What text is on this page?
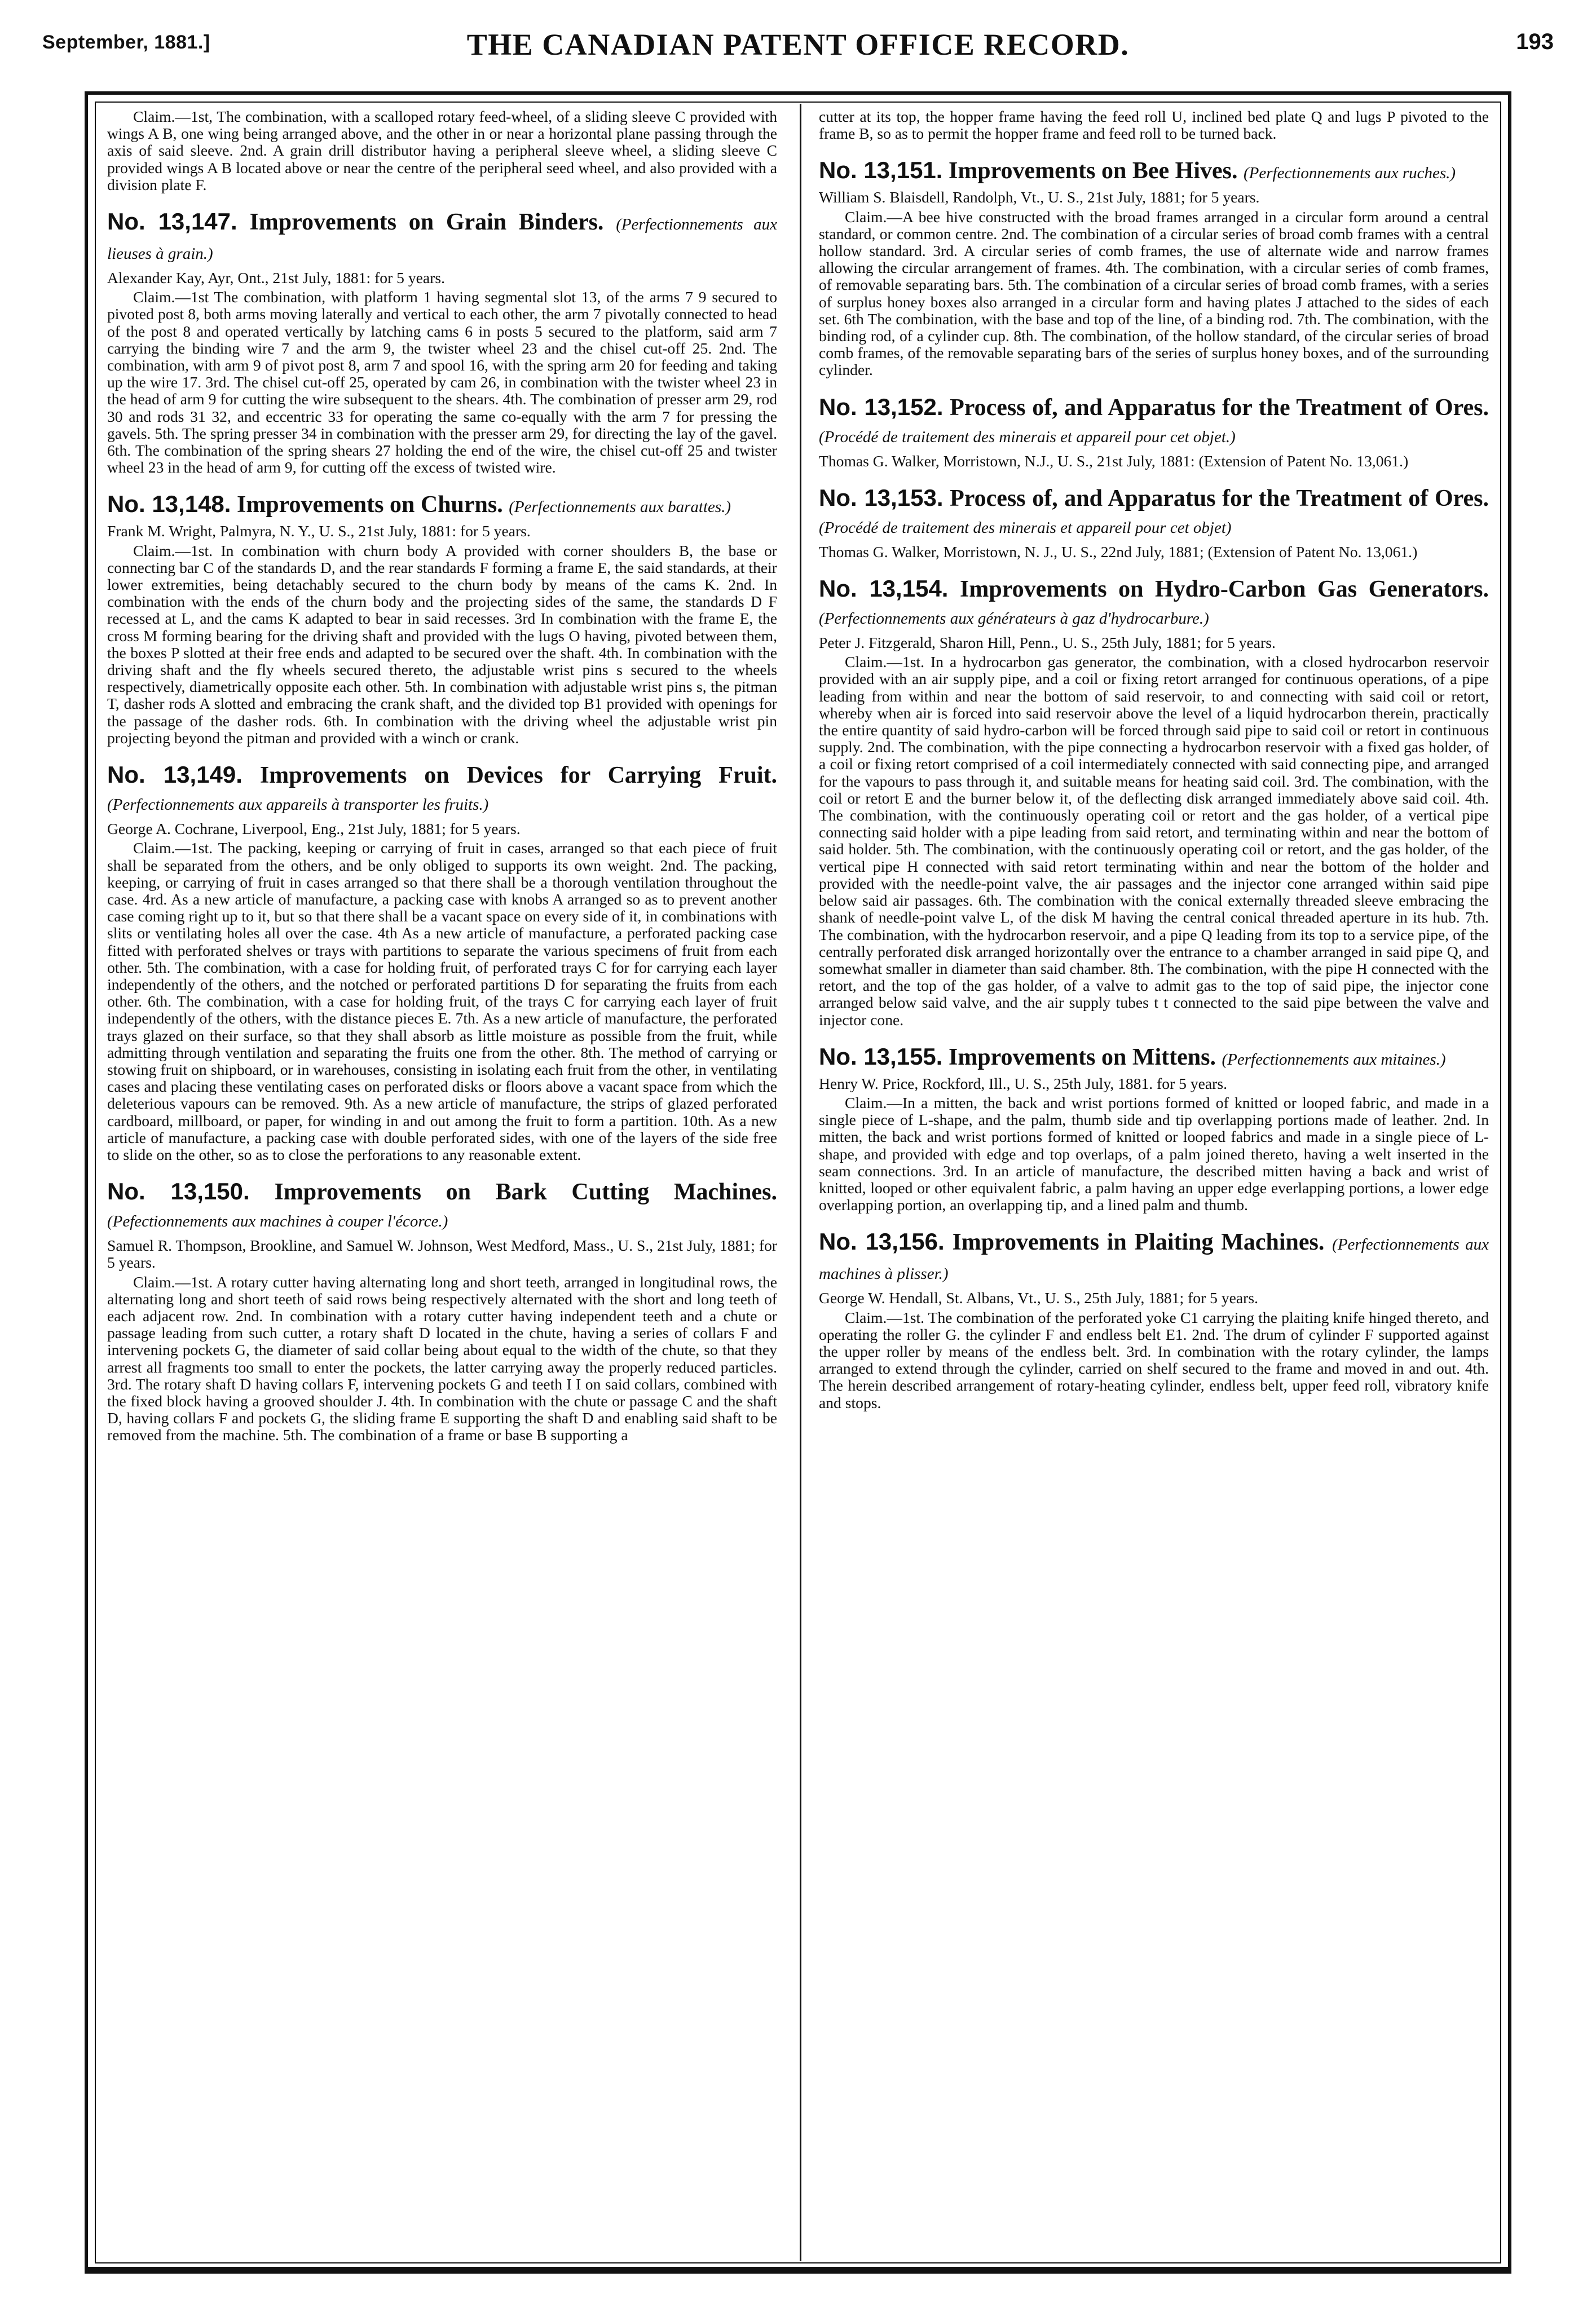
September, 1881.]	THE CANADIAN PATENT OFFICE RECORD.	193

Claim.—1st, The combination, with a scalloped rotary feed-wheel, of a sliding sleeve C provided with wings A B, one wing being arranged above, and the other in or near a horizontal plane passing through the axis of said sleeve. 2nd. A grain drill distributor having a peripheral sleeve wheel, a sliding sleeve C provided wings A B located above or near the centre of the peripheral seed wheel, and also provided with a division plate F.

No. 13,147. Improvements on Grain Binders. (Perfectionnements aux lieuses à grain.)

Alexander Kay, Ayr, Ont., 21st July, 1881: for 5 years.

Claim.—1st The combination, with platform 1 having segmental slot 13, of the arms 7 9 secured to pivoted post 8, both arms moving laterally and vertical to each other, the arm 7 pivotally connected to head of the post 8 and operated vertically by latching cams 6 in posts 5 secured to the platform, said arm 7 carrying the binding wire 7 and the arm 9, the twister wheel 23 and the chisel cut-off 25. 2nd. The combination, with arm 9 of pivot post 8, arm 7 and spool 16, with the spring arm 20 for feeding and taking up the wire 17. 3rd. The chisel cut-off 25, operated by cam 26, in combination with the twister wheel 23 in the head of arm 9 for cutting the wire subsequent to the shears. 4th. The combination of presser arm 29, rod 30 and rods 31 32, and eccentric 33 for operating the same co-equally with the arm 7 for pressing the gavels. 5th. The spring presser 34 in combination with the presser arm 29, for directing the lay of the gavel. 6th. The combination of the spring shears 27 holding the end of the wire, the chisel cut-off 25 and twister wheel 23 in the head of arm 9, for cutting off the excess of twisted wire.

No. 13,148. Improvements on Churns. (Perfectionnements aux barattes.)

Frank M. Wright, Palmyra, N. Y., U. S., 21st July, 1881: for 5 years.

Claim.—1st. In combination with churn body A provided with corner shoulders B, the base or connecting bar C of the standards D, and the rear standards F forming a frame E, the said standards, at their lower extremities, being detachably secured to the churn body by means of the cams K. 2nd. In combination with the ends of the churn body and the projecting sides of the same, the standards D F recessed at L, and the cams K adapted to bear in said recesses. 3rd In combination with the frame E, the cross M forming bearing for the driving shaft and provided with the lugs O having, pivoted between them, the boxes P slotted at their free ends and adapted to be secured over the shaft. 4th. In combination with the driving shaft and the fly wheels secured thereto, the adjustable wrist pins s secured to the wheels respectively, diametrically opposite each other. 5th. In combination with adjustable wrist pins s, the pitman T, dasher rods A slotted and embracing the crank shaft, and the divided top B1 provided with openings for the passage of the dasher rods. 6th. In combination with the driving wheel the adjustable wrist pin projecting beyond the pitman and provided with a winch or crank.

No. 13,149. Improvements on Devices for Carrying Fruit. (Perfectionnements aux appareils à transporter les fruits.)

George A. Cochrane, Liverpool, Eng., 21st July, 1881; for 5 years.

Claim.—1st. The packing, keeping or carrying of fruit in cases, arranged so that each piece of fruit shall be separated from the others, and be only obliged to supports its own weight. 2nd. The packing, keeping, or carrying of fruit in cases arranged so that there shall be a thorough ventilation throughout the case. 4rd. As a new article of manufacture, a packing case with knobs A arranged so as to prevent another case coming right up to it, but so that there shall be a vacant space on every side of it, in combinations with slits or ventilating holes all over the case. 4th As a new article of manufacture, a perforated packing case fitted with perforated shelves or trays with partitions to separate the various specimens of fruit from each other. 5th. The combination, with a case for holding fruit, of perforated trays C for for carrying each layer independently of the others, and the notched or perforated partitions D for separating the fruits from each other. 6th. The combination, with a case for holding fruit, of the trays C for carrying each layer of fruit independently of the others, with the distance pieces E. 7th. As a new article of manufacture, the perforated trays glazed on their surface, so that they shall absorb as little moisture as possible from the fruit, while admitting through ventilation and separating the fruits one from the other. 8th. The method of carrying or stowing fruit on shipboard, or in warehouses, consisting in isolating each fruit from the other, in ventilating cases and placing these ventilating cases on perforated disks or floors above a vacant space from which the deleterious vapours can be removed. 9th. As a new article of manufacture, the strips of glazed perforated cardboard, millboard, or paper, for winding in and out among the fruit to form a partition. 10th. As a new article of manufacture, a packing case with double perforated sides, with one of the layers of the side free to slide on the other, so as to close the perforations to any reasonable extent.

No. 13,150. Improvements on Bark Cutting Machines. (Pefectionnements aux machines à couper l'écorce.)

Samuel R. Thompson, Brookline, and Samuel W. Johnson, West Medford, Mass., U. S., 21st July, 1881; for 5 years.

Claim.—1st. A rotary cutter having alternating long and short teeth, arranged in longitudinal rows, the alternating long and short teeth of said rows being respectively alternated with the short and long teeth of each adjacent row. 2nd. In combination with a rotary cutter having independent teeth and a chute or passage leading from such cutter, a rotary shaft D located in the chute, having a series of collars F and intervening pockets G, the diameter of said collar being about equal to the width of the chute, so that they arrest all fragments too small to enter the pockets, the latter carrying away the properly reduced particles. 3rd. The rotary shaft D having collars F, intervening pockets G and teeth I I on said collars, combined with the fixed block having a grooved shoulder J. 4th. In combination with the chute or passage C and the shaft D, having collars F and pockets G, the sliding frame E supporting the shaft D and enabling said shaft to be removed from the machine. 5th. The combination of a frame or base B supporting a

cutter at its top, the hopper frame having the feed roll U, inclined bed plate Q and lugs P pivoted to the frame B, so as to permit the hopper frame and feed roll to be turned back.

No. 13,151. Improvements on Bee Hives. (Perfectionnements aux ruches.)

William S. Blaisdell, Randolph, Vt., U. S., 21st July, 1881; for 5 years.

Claim.—A bee hive constructed with the broad frames arranged in a circular form around a central standard, or common centre. 2nd. The combination of a circular series of broad comb frames with a central hollow standard. 3rd. A circular series of comb frames, the use of alternate wide and narrow frames allowing the circular arrangement of frames. 4th. The combination, with a circular series of comb frames, of removable separating bars. 5th. The combination of a circular series of broad comb frames, with a series of surplus honey boxes also arranged in a circular form and having plates J attached to the sides of each set. 6th The combination, with the base and top of the line, of a binding rod. 7th. The combination, with the binding rod, of a cylinder cup. 8th. The combination, of the hollow standard, of the circular series of broad comb frames, of the removable separating bars of the series of surplus honey boxes, and of the surrounding cylinder.

No. 13,152. Process of, and Apparatus for the Treatment of Ores. (Procédé de traitement des minerais et appareil pour cet objet.)

Thomas G. Walker, Morristown, N.J., U. S., 21st July, 1881: (Extension of Patent No. 13,061.)

No. 13,153. Process of, and Apparatus for the Treatment of Ores. (Procédé de traitement des minerais et appareil pour cet objet)

Thomas G. Walker, Morristown, N. J., U. S., 22nd July, 1881; (Extension of Patent No. 13,061.)

No. 13,154. Improvements on Hydro-Carbon Gas Generators. (Perfectionnements aux générateurs à gaz d'hydrocarbure.)

Peter J. Fitzgerald, Sharon Hill, Penn., U. S., 25th July, 1881; for 5 years.

Claim.—1st. In a hydrocarbon gas generator, the combination, with a closed hydrocarbon reservoir provided with an air supply pipe, and a coil or fixing retort arranged for continuous operations, of a pipe leading from within and near the bottom of said reservoir, to and connecting with said coil or retort, whereby when air is forced into said reservoir above the level of a liquid hydrocarbon therein, practically the entire quantity of said hydro-carbon will be forced through said pipe to said coil or retort in continuous supply. 2nd. The combination, with the pipe connecting a hydrocarbon reservoir with a fixed gas holder, of a coil or fixing retort comprised of a coil intermediately connected with said connecting pipe, and arranged for the vapours to pass through it, and suitable means for heating said coil. 3rd. The combination, with the coil or retort E and the burner below it, of the deflecting disk arranged immediately above said coil. 4th. The combination, with the continuously operating coil or retort and the gas holder, of a vertical pipe connecting said holder with a pipe leading from said retort, and terminating within and near the bottom of said holder. 5th. The combination, with the continuously operating coil or retort, and the gas holder, of the vertical pipe H connected with said retort terminating within and near the bottom of the holder and provided with the needle-point valve, the air passages and the injector cone arranged within said pipe below said air passages. 6th. The combination with the conical externally threaded sleeve embracing the shank of needle-point valve L, of the disk M having the central conical threaded aperture in its hub. 7th. The combination, with the hydrocarbon reservoir, and a pipe Q leading from its top to a service pipe, of the centrally perforated disk arranged horizontally over the entrance to a chamber arranged in said pipe Q, and somewhat smaller in diameter than said chamber. 8th. The combination, with the pipe H connected with the retort, and the top of the gas holder, of a valve to admit gas to the top of said pipe, the injector cone arranged below said valve, and the air supply tubes t t connected to the said pipe between the valve and injector cone.

No. 13,155. Improvements on Mittens. (Perfectionnements aux mitaines.)

Henry W. Price, Rockford, Ill., U. S., 25th July, 1881. for 5 years.

Claim.—In a mitten, the back and wrist portions formed of knitted or looped fabric, and made in a single piece of L-shape, and the palm, thumb side and tip overlapping portions made of leather. 2nd. In mitten, the back and wrist portions formed of knitted or looped fabrics and made in a single piece of L-shape, and provided with edge and top overlaps, of a palm joined thereto, having a welt inserted in the seam connections. 3rd. In an article of manufacture, the described mitten having a back and wrist of knitted, looped or other equivalent fabric, a palm having an upper edge everlapping portions, a lower edge overlapping portion, an overlapping tip, and a lined palm and thumb.

No. 13,156. Improvements in Plaiting Machines. (Perfectionnements aux machines à plisser.)

George W. Hendall, St. Albans, Vt., U. S., 25th July, 1881; for 5 years.

Claim.—1st. The combination of the perforated yoke C1 carrying the plaiting knife hinged thereto, and operating the roller G. the cylinder F and endless belt E1. 2nd. The drum of cylinder F supported against the upper roller by means of the endless belt. 3rd. In combination with the rotary cylinder, the lamps arranged to extend through the cylinder, carried on shelf secured to the frame and moved in and out. 4th. The herein described arrangement of rotary-heating cylinder, endless belt, upper feed roll, vibratory knife and stops.
